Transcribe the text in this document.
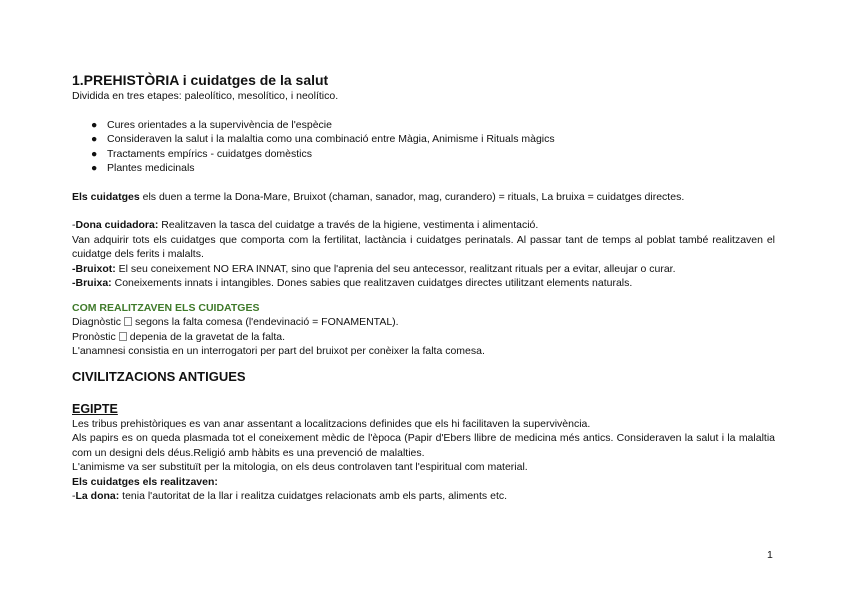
1.PREHISTÒRIA i cuidatges de la salut

Dividida en tres etapes: paleolítico, mesolítico, i neolítico.

● Cures orientades a la supervivència de l'espècie
● Consideraven la salut i la malaltia como una combinació entre Màgia, Animisme i Rituals màgics
● Tractaments empírics - cuidatges domèstics
● Plantes medicinals

Els cuidatges els duen a terme la Dona-Mare, Bruixot (chaman, sanador, mag, curandero) = rituals, La bruixa = cuidatges directes.

-Dona cuidadora: Realitzaven la tasca del cuidatge a través de la higiene, vestimenta i alimentació.

Van adquirir tots els cuidatges que comporta com la fertilitat, lactància i cuidatges perinatals. Al passar tant de temps al poblat també realitzaven el cuidatge dels ferits i malalts.

-Bruixot: El seu coneixement NO ERA INNAT, sino que l'aprenia del seu antecessor, realitzant rituals per a evitar, alleujar o curar.

-Bruixa: Coneixements innats i intangibles. Dones sabies que realitzaven cuidatges directes utilitzant elements naturals.

COM REALITZAVEN ELS CUIDATGES

Diagnòstic segons la falta comesa (l'endevinació = FONAMENTAL).

Pronòstic depenia de la gravetat de la falta.

L'anamnesi consistia en un interrogatori per part del bruixot per conèixer la falta comesa.

CIVILITZACIONS ANTIGUES

EGIPTE

Les tribus prehistòriques es van anar assentant a localitzacions definides que els hi facilitaven la supervivència.

Als papirs es on queda plasmada tot el coneixement mèdic de l'època (Papir d'Ebers llibre de medicina més antics. Consideraven la salut i la malaltia com un designi dels déus.Religió amb hàbits es una prevenció de malalties.

L'animisme va ser substituït per la mitologia, on els deus controlaven tant l'espiritual com material.

Els cuidatges els realitzaven:

-La dona: tenia l'autoritat de la llar i realitza cuidatges relacionats amb els parts, aliments etc.

1
